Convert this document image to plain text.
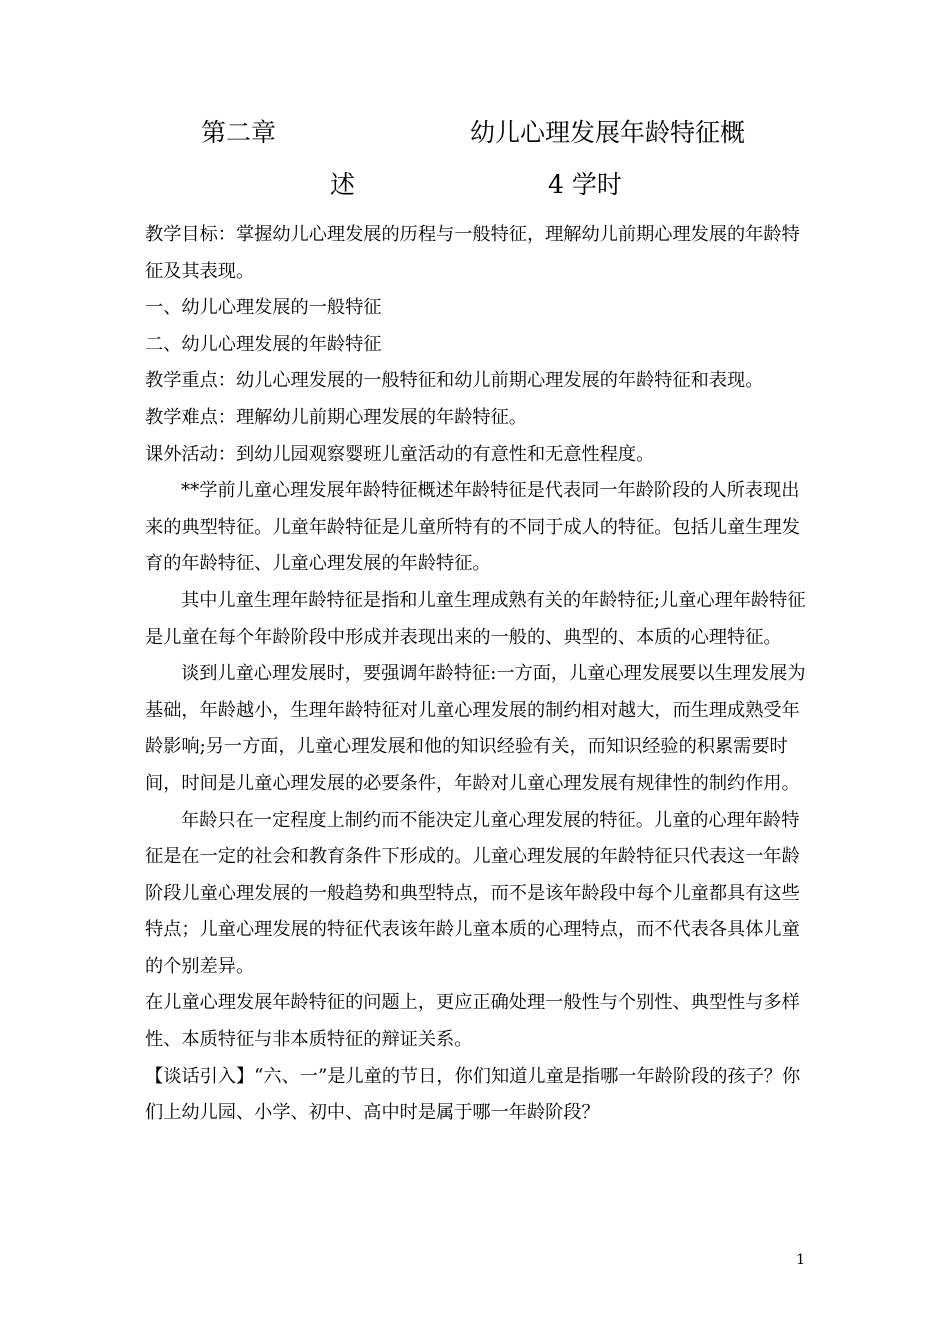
第二章	幼儿心理发展年龄特征概
述	4 学时

教学目标：掌握幼儿心理发展的历程与一般特征，理解幼儿前期心理发展的年龄特征及其表现。

一、幼儿心理发展的一般特征

二、幼儿心理发展的年龄特征

教学重点：幼儿心理发展的一般特征和幼儿前期心理发展的年龄特征和表现。

教学难点：理解幼儿前期心理发展的年龄特征。

课外活动：到幼儿园观察婴班儿童活动的有意性和无意性程度。

**学前儿童心理发展年龄特征概述年龄特征是代表同一年龄阶段的人所表现出来的典型特征。儿童年龄特征是儿童所特有的不同于成人的特征。包括儿童生理发育的年龄特征、儿童心理发展的年龄特征。

其中儿童生理年龄特征是指和儿童生理成熟有关的年龄特征;儿童心理年龄特征是儿童在每个年龄阶段中形成并表现出来的一般的、典型的、本质的心理特征。

谈到儿童心理发展时，要强调年龄特征:一方面，儿童心理发展要以生理发展为基础，年龄越小，生理年龄特征对儿童心理发展的制约相对越大，而生理成熟受年龄影响;另一方面，儿童心理发展和他的知识经验有关，而知识经验的积累需要时间，时间是儿童心理发展的必要条件，年龄对儿童心理发展有规律性的制约作用。

年龄只在一定程度上制约而不能决定儿童心理发展的特征。儿童的心理年龄特征是在一定的社会和教育条件下形成的。儿童心理发展的年龄特征只代表这一年龄阶段儿童心理发展的一般趋势和典型特点，而不是该年龄段中每个儿童都具有这些特点；儿童心理发展的特征代表该年龄儿童本质的心理特点，而不代表各具体儿童的个别差异。

在儿童心理发展年龄特征的问题上，更应正确处理一般性与个别性、典型性与多样性、本质特征与非本质特征的辩证关系。

【谈话引入】“六、一”是儿童的节日，你们知道儿童是指哪一年龄阶段的孩子？你们上幼儿园、小学、初中、高中时是属于哪一年龄阶段？

1
